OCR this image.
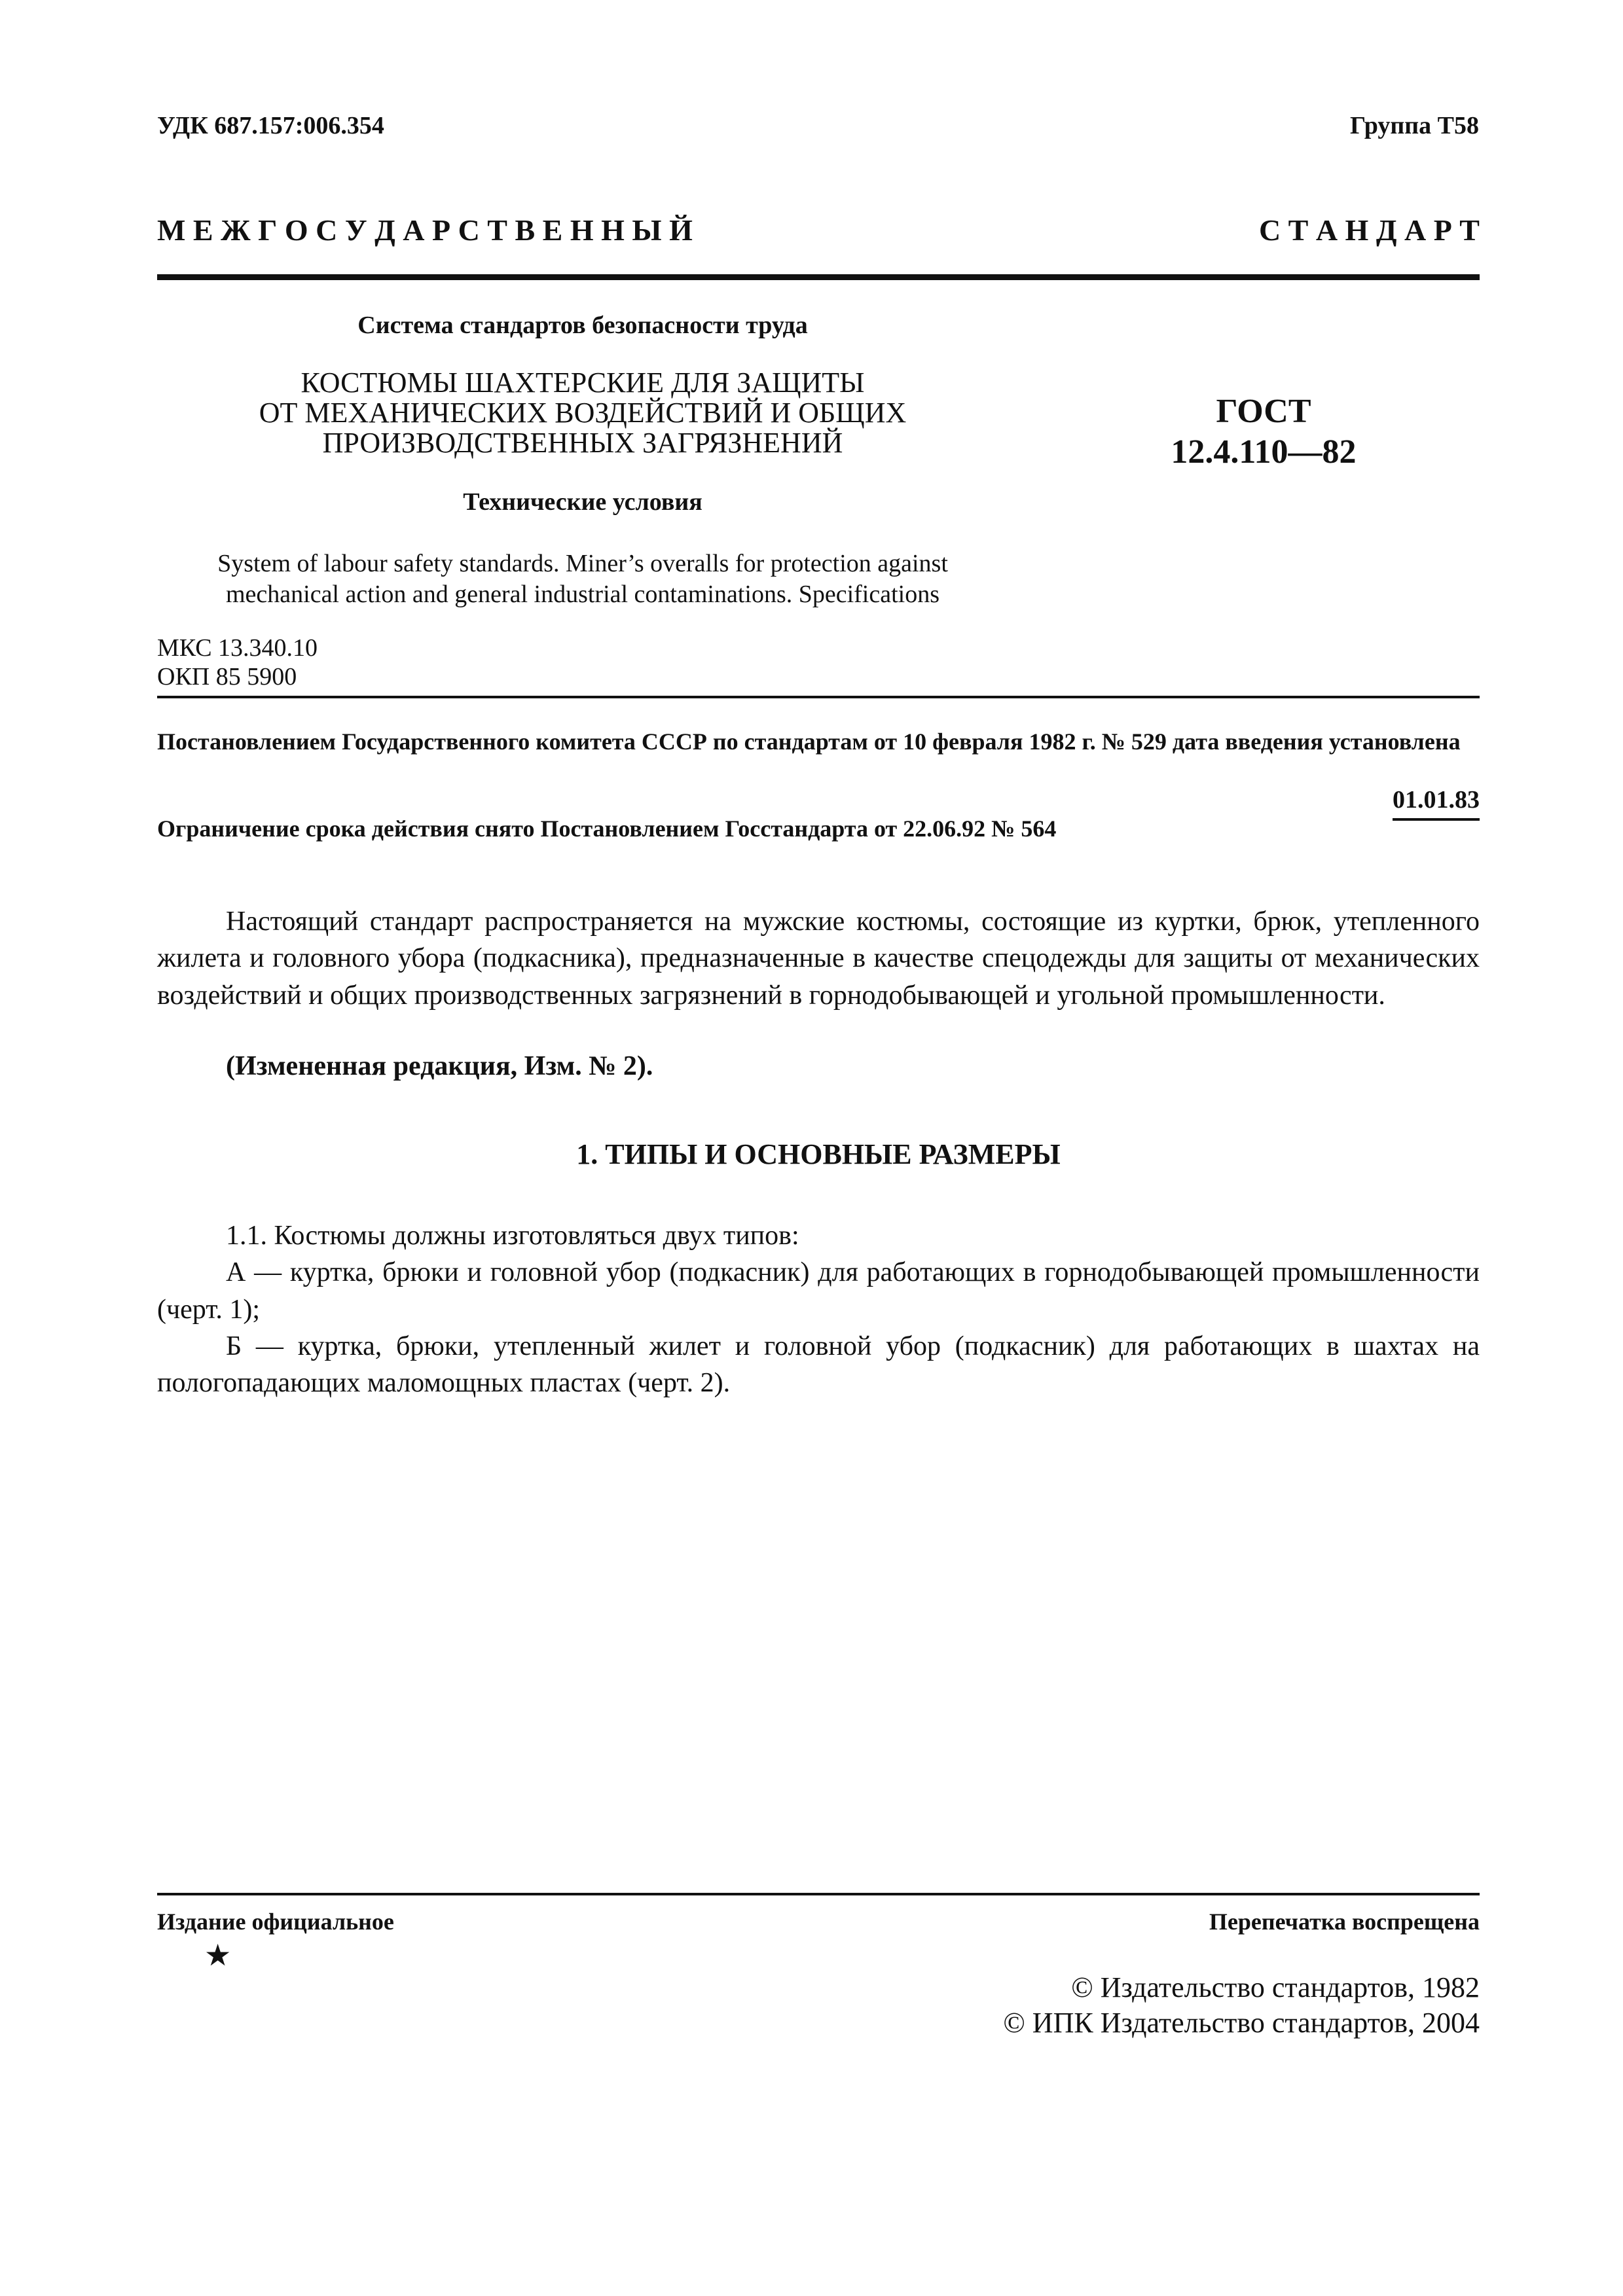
УДК 687.157:006.354	Группа Т58
М Е Ж Г О С У Д А Р С Т В Е Н Н Ы Й	С Т А Н Д А Р Т
Система стандартов безопасности труда
КОСТЮМЫ ШАХТЕРСКИЕ ДЛЯ ЗАЩИТЫ
ОТ МЕХАНИЧЕСКИХ ВОЗДЕЙСТВИЙ И ОБЩИХ
ПРОИЗВОДСТВЕННЫХ ЗАГРЯЗНЕНИЙ
Технические условия
System of labour safety standards. Miner’s overalls for protection against
mechanical action and general industrial contaminations. Specifications
ГОСТ
12.4.110—82
МКС 13.340.10
ОКП 85 5900
Постановлением Государственного комитета СССР по стандартам от 10 февраля 1982 г. № 529 дата введения установлена
01.01.83
Ограничение срока действия снято Постановлением Госстандарта от 22.06.92 № 564
Настоящий стандарт распространяется на мужские костюмы, состоящие из куртки, брюк, утепленного жилета и головного убора (подкасника), предназначенные в качестве спецодежды для защиты от механических воздействий и общих производственных загрязнений в горнодобывающей и угольной промышленности.
(Измененная редакция, Изм. № 2).
1. ТИПЫ И ОСНОВНЫЕ РАЗМЕРЫ

1.1. Костюмы должны изготовляться двух типов:

А — куртка, брюки и головной убор (подкасник) для работающих в горнодобывающей промышленности (черт. 1);

Б — куртка, брюки, утепленный жилет и головной убор (подкасник) для работающих в шахтах на пологопадающих маломощных пластах (черт. 2).

Издание официальное	Перепечатка воспрещена
★
© Издательство стандартов, 1982
© ИПК Издательство стандартов, 2004
